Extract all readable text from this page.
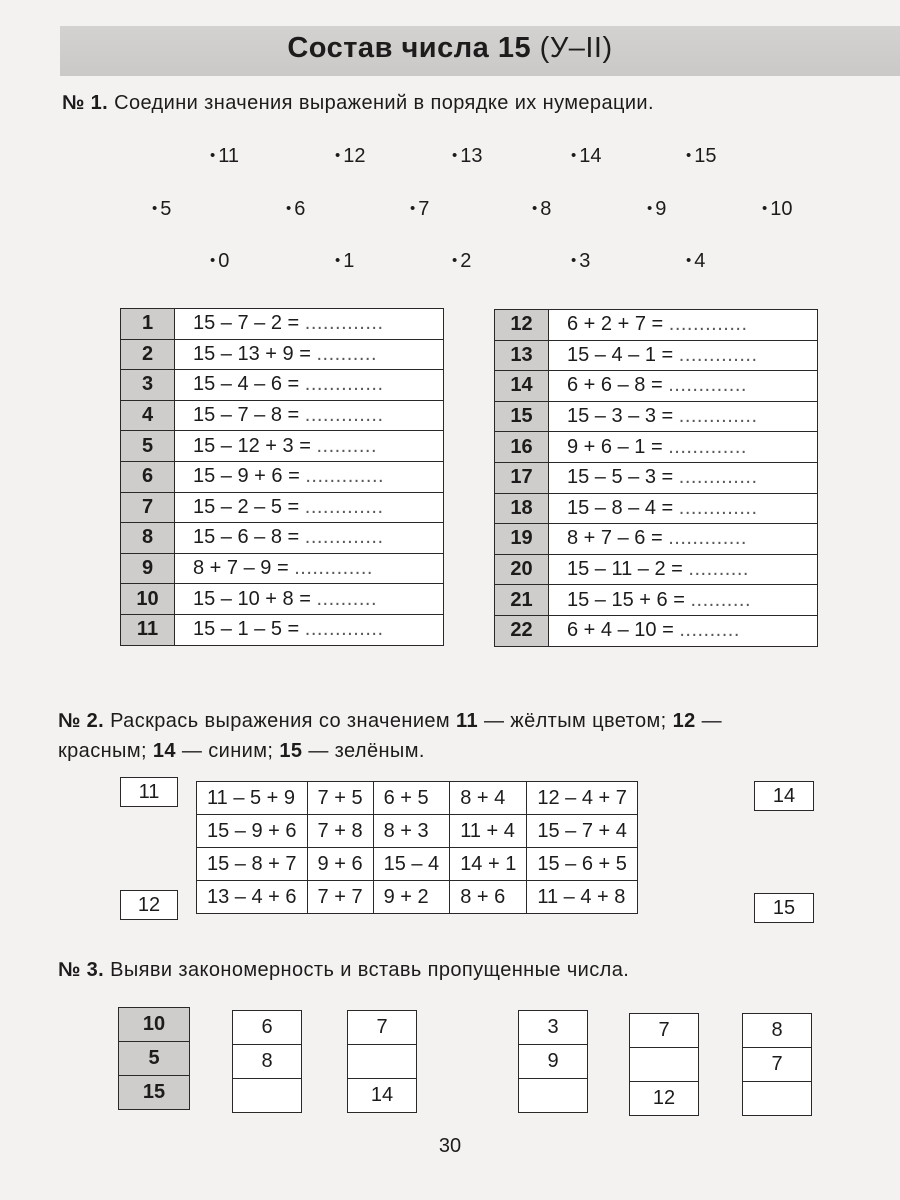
Состав числа 15 (У–II)
№ 1. Соедини значения выражений в порядке их нумерации.
• 11	• 12	• 13	• 14	• 15
• 5	• 6	• 7	• 8	• 9	• 10
• 0	• 1	• 2	• 3	• 4
1	15 – 7 – 2 = .............
2	15 – 13 + 9 = ..........
3	15 – 4 – 6 = .............
4	15 – 7 – 8 = .............
5	15 – 12 + 3 = ..........
6	15 – 9 + 6 = .............
7	15 – 2 – 5 = .............
8	15 – 6 – 8 = .............
9	8 + 7 – 9 = .............
10	15 – 10 + 8 = ..........
11	15 – 1 – 5 = .............
12	6 + 2 + 7 = .............
13	15 – 4 – 1 = .............
14	6 + 6 – 8 = .............
15	15 – 3 – 3 = .............
16	9 + 6 – 1 = .............
17	15 – 5 – 3 = .............
18	15 – 8 – 4 = .............
19	8 + 7 – 6 = .............
20	15 – 11 – 2 = ..........
21	15 – 15 + 6 = ..........
22	6 + 4 – 10 = ..........
№ 2. Раскрась выражения со значением 11 — жёлтым цветом; 12 —
красным; 14 — синим; 15 — зелёным.
11
12
14
15
11 – 5 + 9	7 + 5	6 + 5	8 + 4	12 – 4 + 7
15 – 9 + 6	7 + 8	8 + 3	11 + 4	15 – 7 + 4
15 – 8 + 7	9 + 6	15 – 4	14 + 1	15 – 6 + 5
13 – 4 + 6	7 + 7	9 + 2	8 + 6	11 – 4 + 8
№ 3. Выяви закономерность и вставь пропущенные числа.
10
5
15
6
8

7

14
3
9

7

12
8
7

30
